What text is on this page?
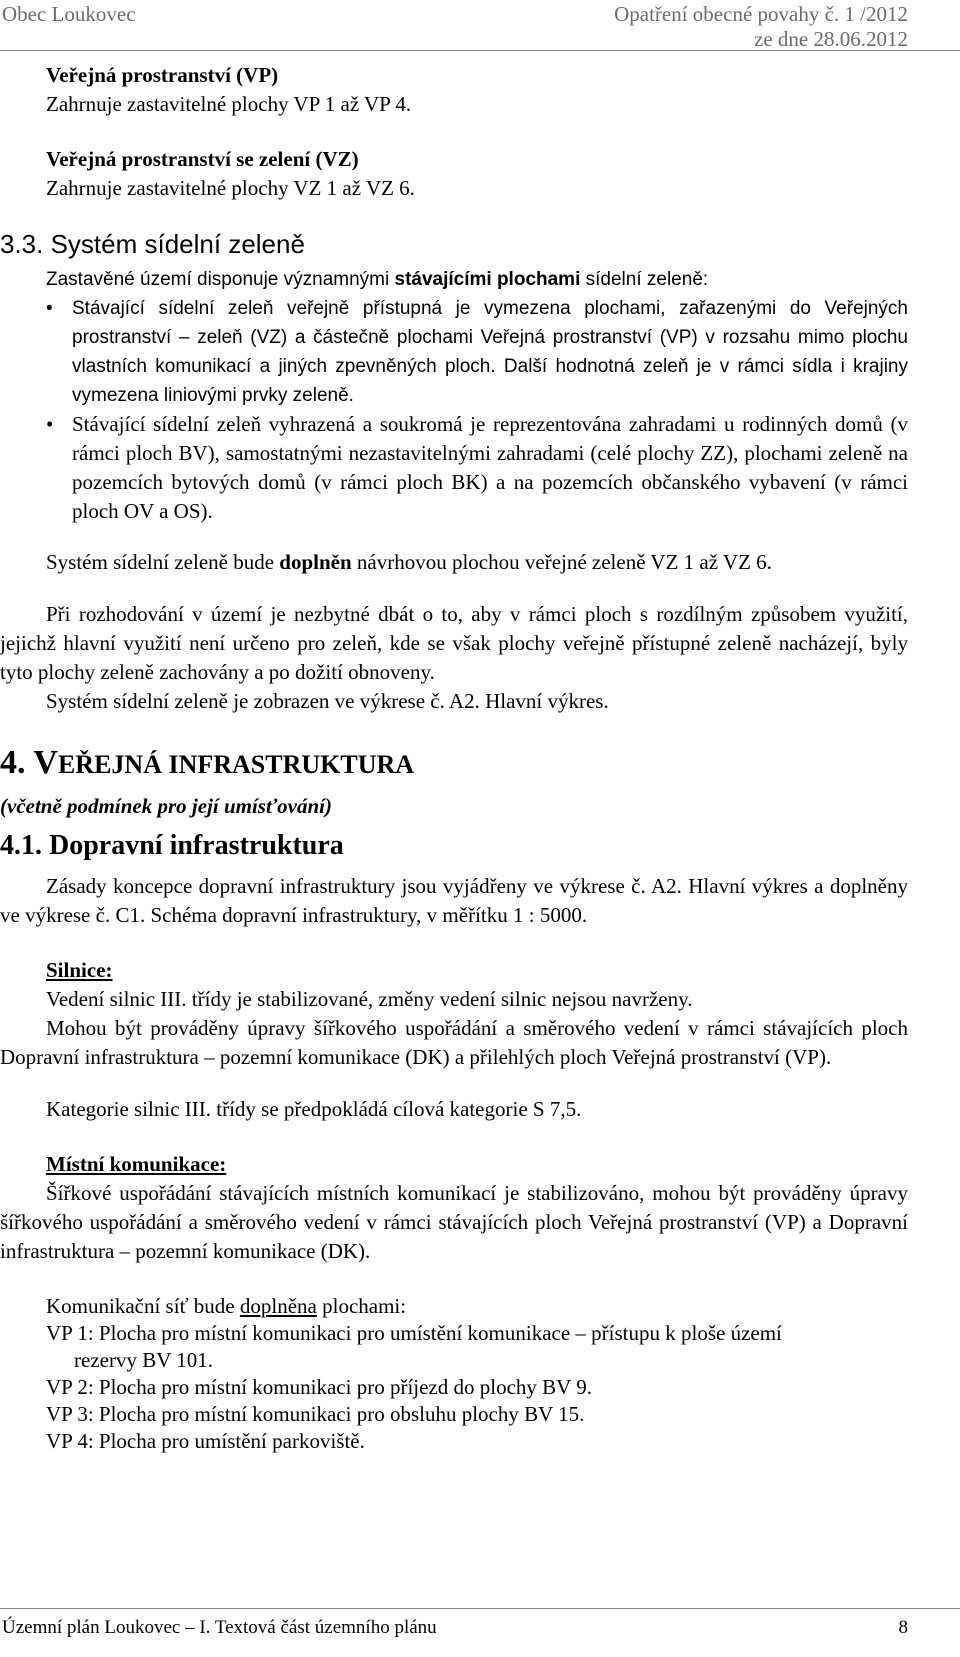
Obec Loukovec	Opatření obecné povahy č. 1 /2012
ze dne 28.06.2012
Veřejná prostranství (VP)
Zahrnuje zastavitelné plochy VP 1 až VP 4.
Veřejná prostranství se zelení (VZ)
Zahrnuje zastavitelné plochy VZ 1 až VZ 6.
3.3. Systém sídelní zeleně
Zastavěné území disponuje významnými stávajícími plochami sídelní zeleně:
•	Stávající sídelní zeleň veřejně přístupná je vymezena plochami, zařazenými do Veřejných prostranství – zeleň (VZ) a částečně plochami Veřejná prostranství (VP) v rozsahu mimo plochu vlastních komunikací a jiných zpevněných ploch. Další hodnotná zeleň je v rámci sídla i krajiny vymezena liniovými prvky zeleně.
• Stávající sídelní zeleň vyhrazená a soukromá je reprezentována zahradami u rodinných domů (v rámci ploch BV), samostatnými nezastavitelnými zahradami (celé plochy ZZ), plochami zeleně na pozemcích bytových domů (v rámci ploch BK) a na pozemcích občanského vybavení (v rámci ploch OV a OS).
Systém sídelní zeleně bude doplněn návrhovou plochou veřejné zeleně VZ 1 až VZ 6.
Při rozhodování v území je nezbytné dbát o to, aby v rámci ploch s rozdílným způsobem využití, jejichž hlavní využití není určeno pro zeleň, kde se však plochy veřejně přístupné zeleně nacházejí, byly tyto plochy zeleně zachovány a po dožití obnoveny.
Systém sídelní zeleně je zobrazen ve výkrese č. A2. Hlavní výkres.
4. VEŘEJNÁ INFRASTRUKTURA
(včetně podmínek pro její umísťování)
4.1. Dopravní infrastruktura
Zásady koncepce dopravní infrastruktury jsou vyjádřeny ve výkrese č. A2. Hlavní výkres a doplněny ve výkrese č. C1. Schéma dopravní infrastruktury, v měřítku 1 : 5000.
Silnice:
Vedení silnic III. třídy je stabilizované, změny vedení silnic nejsou navrženy.
Mohou být prováděny úpravy šířkového uspořádání a směrového vedení v rámci stávajících ploch Dopravní infrastruktura – pozemní komunikace (DK) a přilehlých ploch Veřejná prostranství (VP).
Kategorie silnic III. třídy se předpokládá cílová kategorie S 7,5.
Místní komunikace:
Šířkové uspořádání stávajících místních komunikací je stabilizováno, mohou být prováděny úpravy šířkového uspořádání a směrového vedení v rámci stávajících ploch Veřejná prostranství (VP) a Dopravní infrastruktura – pozemní komunikace (DK).
Komunikační síť bude doplněna plochami:
VP 1: Plocha pro místní komunikaci pro umístění komunikace – přístupu k ploše území
rezervy BV 101.
VP 2: Plocha pro místní komunikaci pro příjezd do plochy BV 9.
VP 3: Plocha pro místní komunikaci pro obsluhu plochy BV 15.
VP 4: Plocha pro umístění parkoviště.
Územní plán Loukovec – I. Textová část územního plánu	8
